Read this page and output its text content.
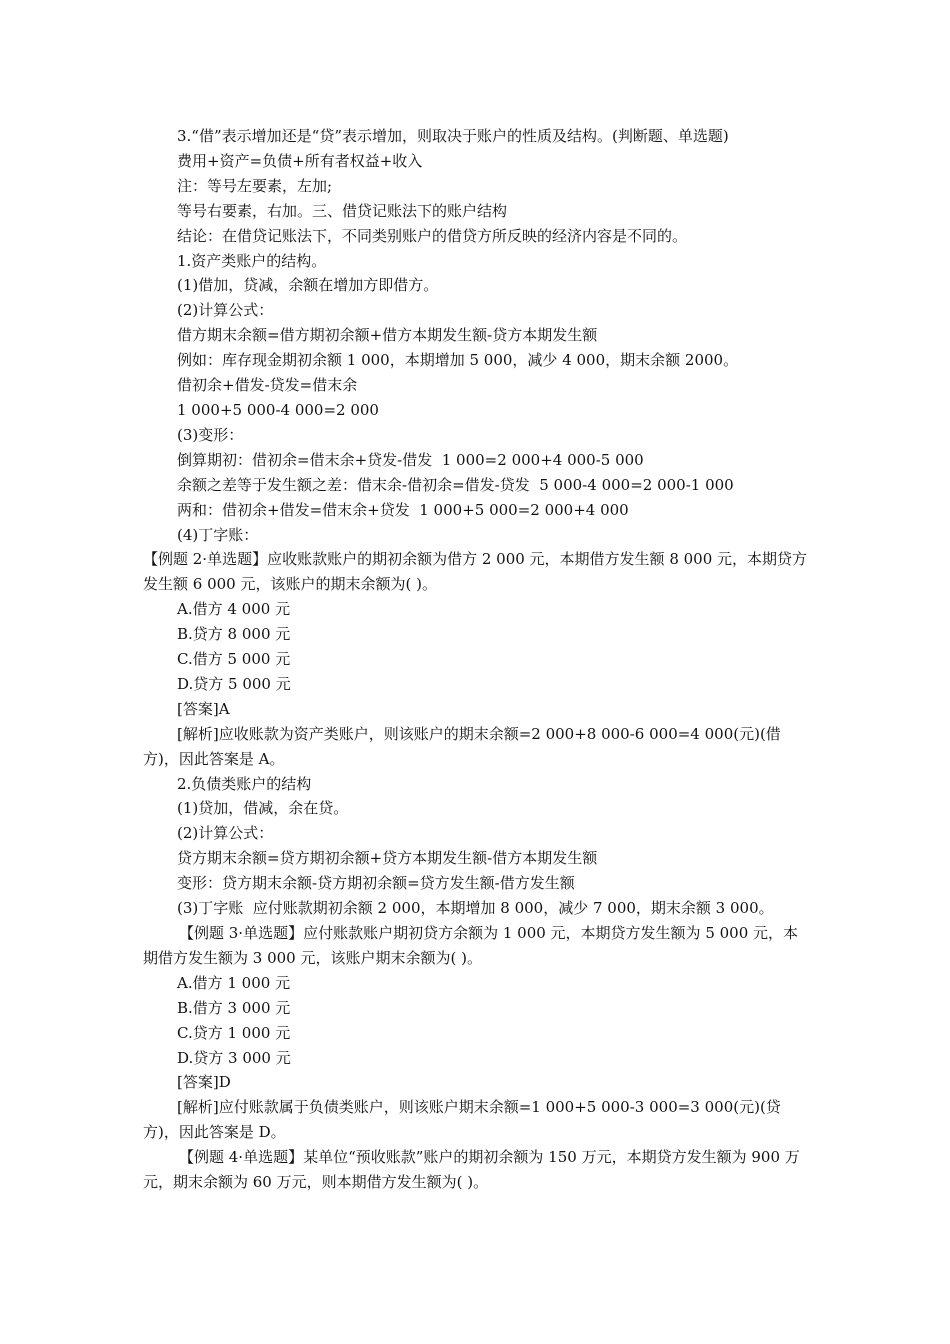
3.“借”表示增加还是“贷”表示增加，则取决于账户的性质及结构。(判断题、单选题)

费用+资产=负债+所有者权益+收入

注：等号左要素，左加;

等号右要素，右加。三、借贷记账法下的账户结构

结论：在借贷记账法下，不同类别账户的借贷方所反映的经济内容是不同的。

1.资产类账户的结构。

(1)借加，贷减，余额在增加方即借方。

(2)计算公式：

借方期末余额=借方期初余额+借方本期发生额-贷方本期发生额

例如：库存现金期初余额 1 000，本期增加 5 000，减少 4 000，期末余额 2000。

借初余+借发-贷发=借末余

1 000+5 000-4 000=2 000

(3)变形：

倒算期初：借初余=借末余+贷发-借发  1 000=2 000+4 000-5 000

余额之差等于发生额之差：借末余-借初余=借发-贷发  5 000-4 000=2 000-1 000

两和：借初余+借发=借末余+贷发  1 000+5 000=2 000+4 000

(4)丁字账：

【例题 2·单选题】应收账款账户的期初余额为借方 2 000 元，本期借方发生额 8 000 元，本期贷方发生额 6 000 元，该账户的期末余额为( )。

A.借方 4 000 元

B.贷方 8 000 元

C.借方 5 000 元

D.贷方 5 000 元

[答案]A

[解析]应收账款为资产类账户，则该账户的期末余额=2 000+8 000-6 000=4 000(元)(借方)，因此答案是 A。

2.负债类账户的结构

(1)贷加，借减，余在贷。

(2)计算公式：

贷方期末余额=贷方期初余额+贷方本期发生额-借方本期发生额

变形：贷方期末余额-贷方期初余额=贷方发生额-借方发生额

(3)丁字账  应付账款期初余额 2 000，本期增加 8 000，减少 7 000，期末余额 3 000。

【例题 3·单选题】应付账款账户期初贷方余额为 1 000 元，本期贷方发生额为 5 000 元，本期借方发生额为 3 000 元，该账户期末余额为( )。

A.借方 1 000 元

B.借方 3 000 元

C.贷方 1 000 元

D.贷方 3 000 元

[答案]D

[解析]应付账款属于负债类账户，则该账户期末余额=1 000+5 000-3 000=3 000(元)(贷方)，因此答案是 D。

【例题 4·单选题】某单位“预收账款”账户的期初余额为 150 万元，本期贷方发生额为 900 万元，期末余额为 60 万元，则本期借方发生额为( )。
